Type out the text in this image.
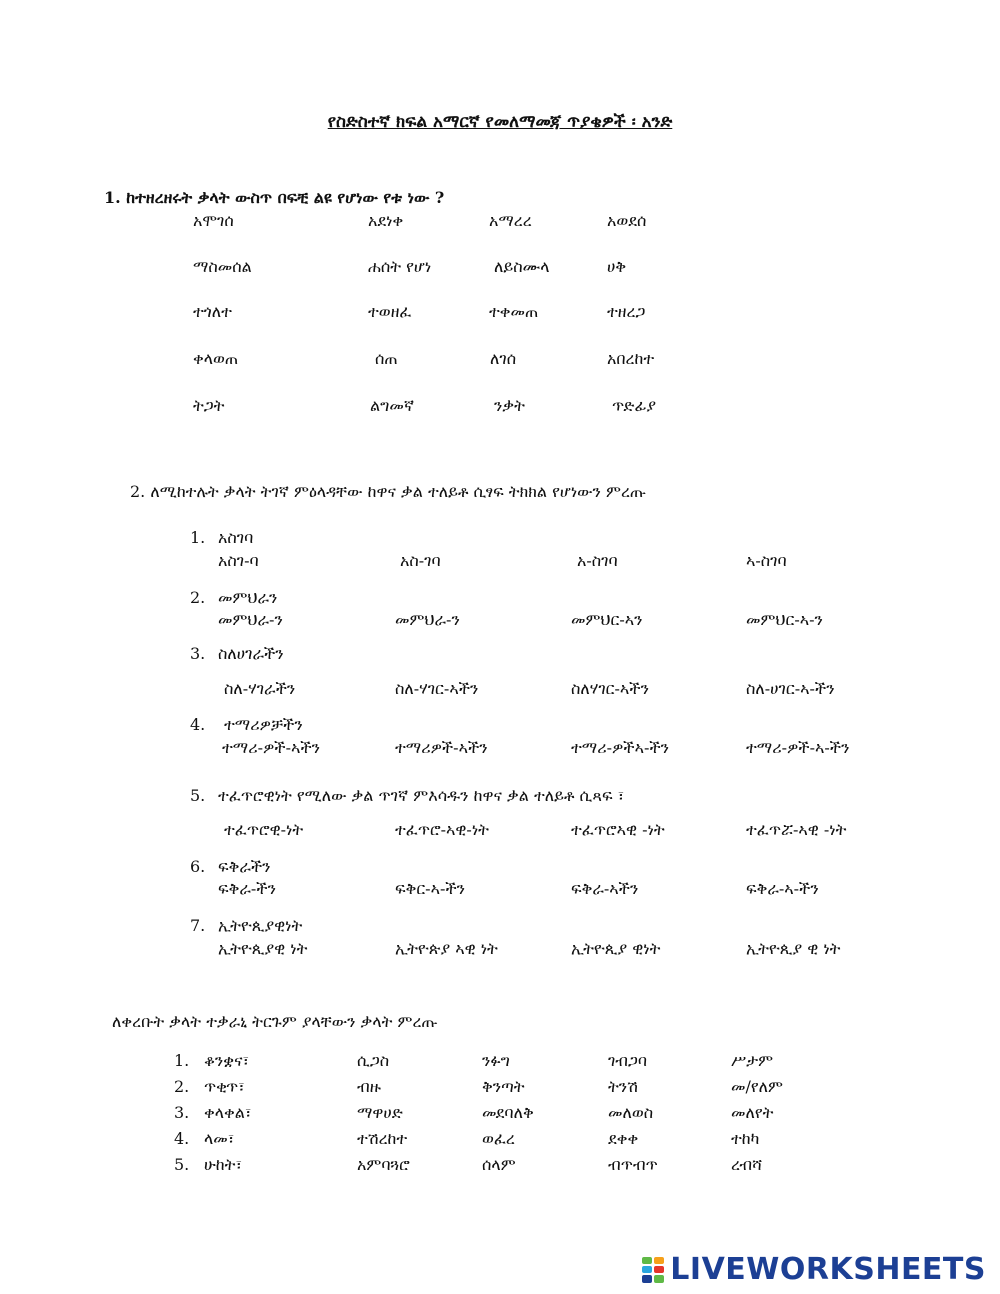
የስድስተኛ ክፍል አማርኛ የመለማመጃ ጥያቄዎች ፡ አንድ
1. ከተዘረዘሩት ቃላት ውስጥ በፍቺ ልዩ የሆነው የቱ ነው ?
አሞገሰ	አደነቀ	አማረረ	አወደሰ
ማስመሰል	ሐሰት የሆነ	ለይስሙላ	ሀቅ
ተጎለተ	ተወዘፈ	ተቀመጠ	ተዘረጋ
ቀላወጠ	ሰጠ	ለገሰ	አበረከተ
ትጋት	ልግመኛ	ንቃት	ጥድፊያ
2. ለሚከተሉት ቃላት ትገኛ ምዕላዳቸው ከዋና ቃል ተለይቶ ሲፃፍ ትክክል የሆነውን ምረጡ
1. አስገባ
አስገ-ባ	አስ-ገባ	አ-ስገባ	ኣ-ስገባ
2. መምህራን
መምህራ-ን	መምህራ-ን	መምህር-ኣን	መምህር-ኣ-ን
3. ስለሀገራችን
ስለ-ሃገራችን	ስለ-ሃገር-ኣችን	ስለሃገር-ኣችን	ስለ-ሀገር-ኣ-ችን
4. ተማሪዎቻችን
ተማሪ-ዎች-ኣችን	ተማሪዎች-ኣችን	ተማሪ-ዎችኣ-ችን	ተማሪ-ዎች-ኣ-ችን
5. ተፈጥሮዊነት የሚለው ቃል ጥገኛ ምእሳዱን ከዋና ቃል ተለይቶ ሲጻፍ ፣
ተፈጥሮዊ-ነት	ተፈጥሮ-ኣዊ-ነት	ተፈጥሮኣዊ -ነት	ተፈጥሯ-ኣዊ -ነት
6. ፍቅራችን
ፍቅራ-ችን	ፍቅር-ኣ-ችን	ፍቅራ-ኣችን	ፍቅራ-ኣ-ችን
7. ኢትዮጲያዊነት
ኢትዮጲያዊ ነት	ኢትዮጵያ ኣዊ ነት	ኢትዮጲያ ዊነት	ኢትዮጲያ ዊ ነት
ለቀረቡት ቃላት ተቃራኒ ትርጉም ያላቸውን ቃላት ምረጡ
1. ቆንቋና፣	ሲጋስ	ንፉግ	ገብጋባ	ሥታም
2. ጥቂጥ፣	ብዙ	ቅንጣት	ትንሽ	መ/የለም
3. ቀላቀል፣	ማዋሀድ	መደባለቅ	መለወስ	መለየት
4. ላመ፣	ተሽረከተ	ወፈረ	ደቀቀ	ተከካ
5. ሁከት፣	አምባጓሮ	ሰላም	ብጥብጥ	ረብሻ
LIVEWORKSHEETS
